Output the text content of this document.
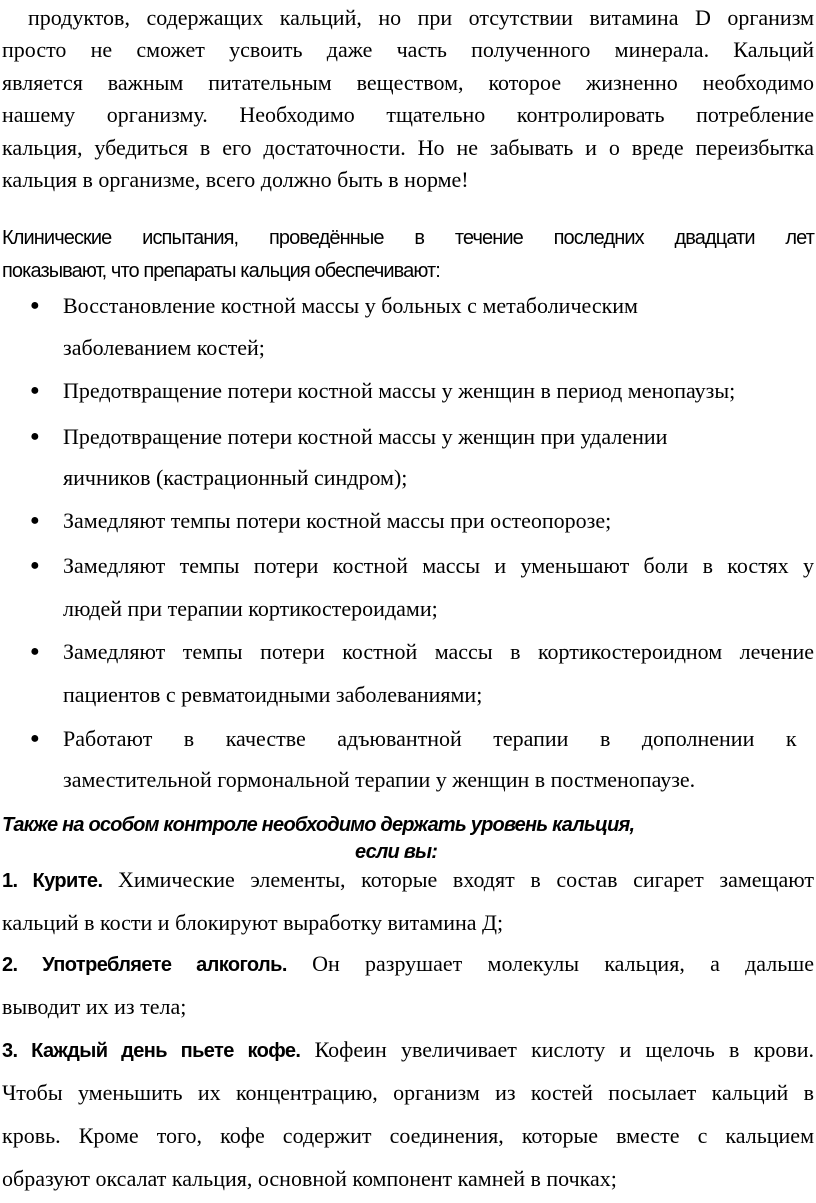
продуктов, содержащих кальций, но при отсутствии витамина D организм
просто не сможет усвоить даже часть полученного минерала. Кальций
является важным питательным веществом, которое жизненно необходимо
нашему организму. Необходимо тщательно контролировать потребление
кальция, убедиться в его достаточности. Но не забывать и о вреде переизбытка
кальция в организме, всего должно быть в норме!
Клинические испытания, проведённые в течение последних двадцати лет
показывают, что препараты кальция обеспечивают:
● Восстановление костной массы у больных с метаболическим
заболеванием костей;
● Предотвращение потери костной массы у женщин в период менопаузы;
● Предотвращение потери костной массы у женщин при удалении
яичников (кастрационный синдром);
● Замедляют темпы потери костной массы при остеопорозе;
● Замедляют темпы потери костной массы и уменьшают боли в костях у
людей при терапии кортикостероидами;
● Замедляют темпы потери костной массы в кортикостероидном лечение
пациентов с ревматоидными заболеваниями;
● Работают в качестве адъювантной терапии в дополнении к
заместительной гормональной терапии у женщин в постменопаузе.
Также на особом контроле необходимо держать уровень кальция,
если вы:
1. Курите. Химические элементы, которые входят в состав сигарет замещают
кальций в кости и блокируют выработку витамина Д;
2. Употребляете алкоголь. Он разрушает молекулы кальция, а дальше
выводит их из тела;
3. Каждый день пьете кофе. Кофеин увеличивает кислоту и щелочь в крови.
Чтобы уменьшить их концентрацию, организм из костей посылает кальций в
кровь. Кроме того, кофе содержит соединения, которые вместе с кальцием
образуют оксалат кальция, основной компонент камней в почках;
